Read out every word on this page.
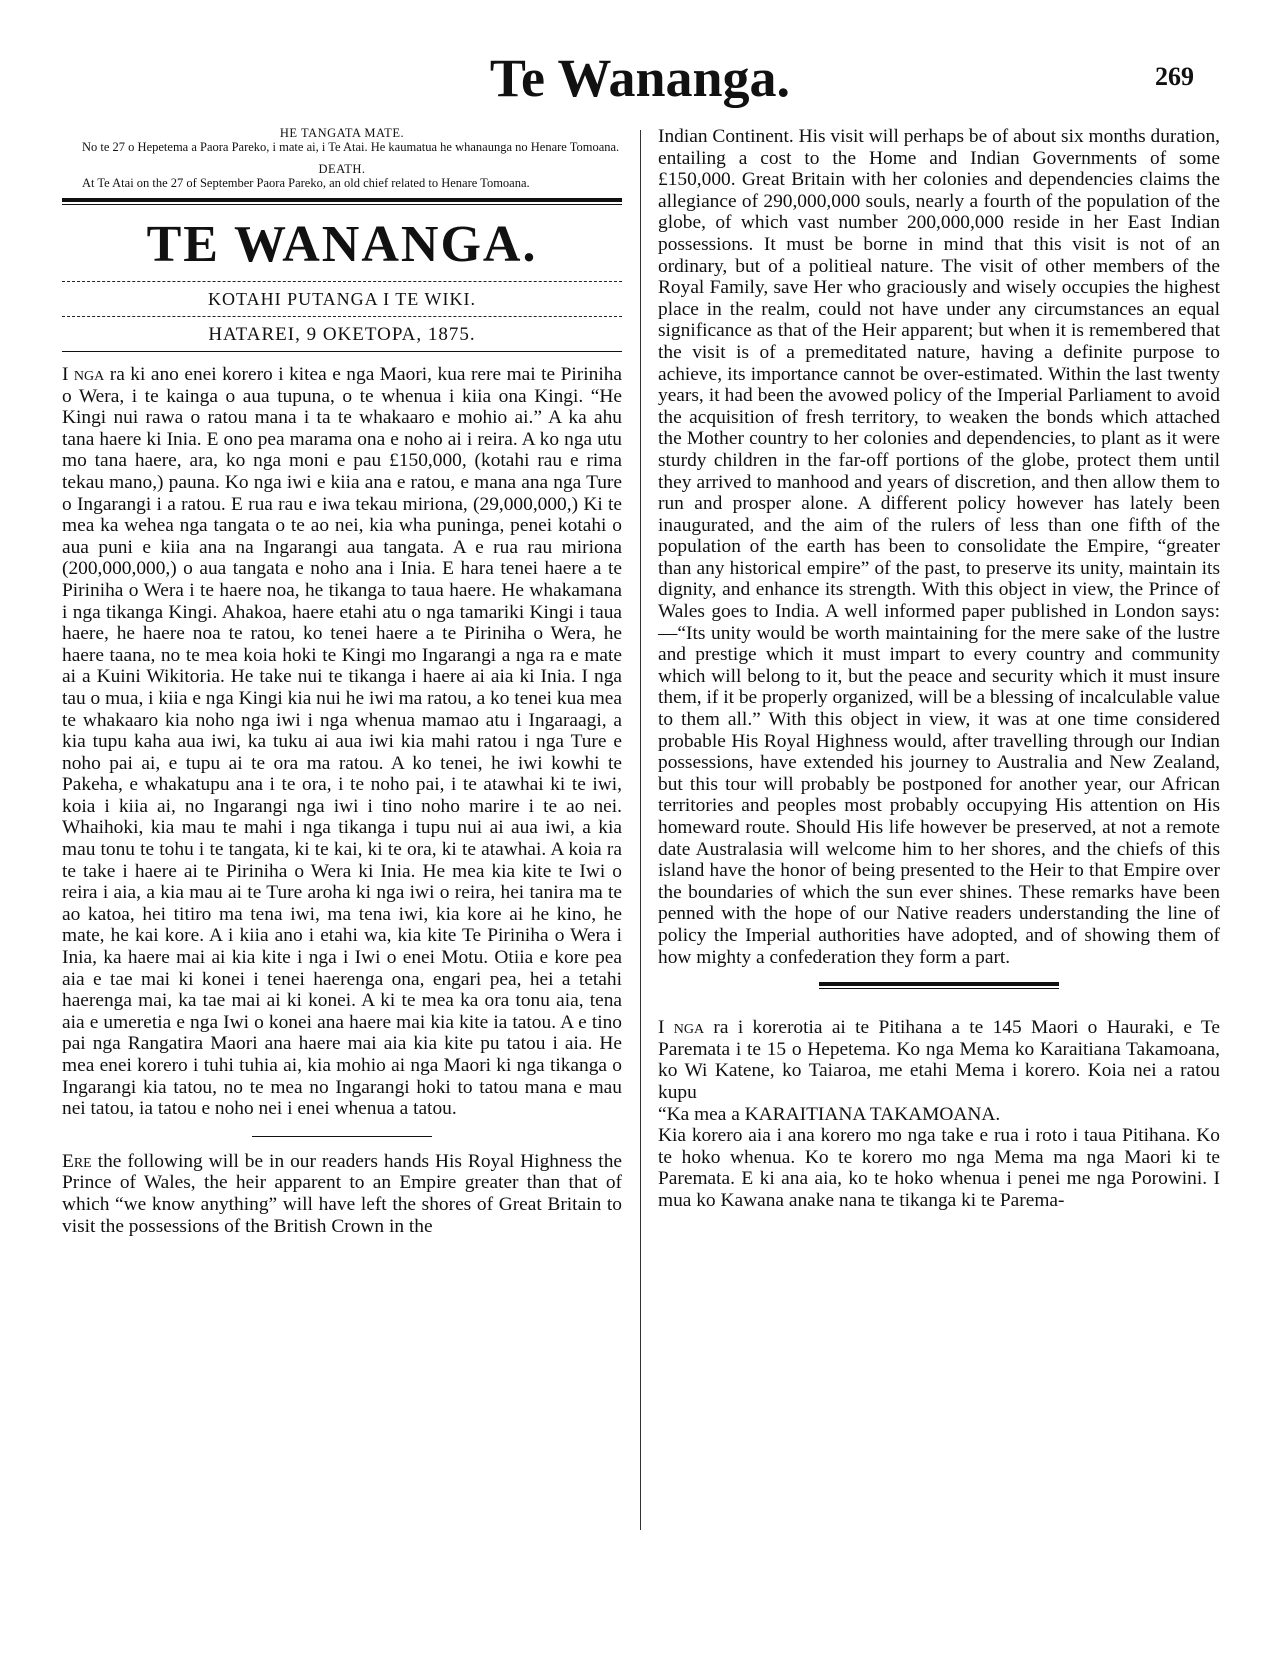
Te Wananga.	269

HE TANGATA MATE.

No te 27 o Hepetema a Paora Pareko, i mate ai, i Te Atai. He kaumatua he whanaunga no Henare Tomoana.

DEATH.

At Te Atai on the 27 of September Paora Pareko, an old chief related to Henare Tomoana.

TE WANANGA.
KOTAHI PUTANGA I TE WIKI.
HATAREI, 9 OKETOPA, 1875.

I nga ra ki ano enei korero i kitea e nga Maori, kua rere mai te Piriniha o Wera, i te kainga o aua tupuna, o te whenua i kiia ona Kingi. “He Kingi nui rawa o ratou mana i ta te whakaaro e mohio ai.” A ka ahu tana haere ki Inia. E ono pea marama ona e noho ai i reira. A ko nga utu mo tana haere, ara, ko nga moni e pau £150,000, (kotahi rau e rima tekau mano,) pauna. Ko nga iwi e kiia ana e ratou, e mana ana nga Ture o Ingarangi i a ratou. E rua rau e iwa tekau miriona, (29,000,000,) Ki te mea ka wehea nga tangata o te ao nei, kia wha puninga, penei kotahi o aua puni e kiia ana na Ingarangi aua tangata. A e rua rau miriona (200,000,000,) o aua tangata e noho ana i Inia. E hara tenei haere a te Piriniha o Wera i te haere noa, he tikanga to taua haere. He whakamana i nga tikanga Kingi. Ahakoa, haere etahi atu o nga tamariki Kingi i taua haere, he haere noa te ratou, ko tenei haere a te Piriniha o Wera, he haere taana, no te mea koia hoki te Kingi mo Ingarangi a nga ra e mate ai a Kuini Wikitoria. He take nui te tikanga i haere ai aia ki Inia. I nga tau o mua, i kiia e nga Kingi kia nui he iwi ma ratou, a ko tenei kua mea te whakaaro kia noho nga iwi i nga whenua mamao atu i Ingaraagi, a kia tupu kaha aua iwi, ka tuku ai aua iwi kia mahi ratou i nga Ture e noho pai ai, e tupu ai te ora ma ratou. A ko tenei, he iwi kowhi te Pakeha, e whakatupu ana i te ora, i te noho pai, i te atawhai ki te iwi, koia i kiia ai, no Ingarangi nga iwi i tino noho marire i te ao nei. Whaihoki, kia mau te mahi i nga tikanga i tupu nui ai aua iwi, a kia mau tonu te tohu i te tangata, ki te kai, ki te ora, ki te atawhai. A koia ra te take i haere ai te Piriniha o Wera ki Inia. He mea kia kite te Iwi o reira i aia, a kia mau ai te Ture aroha ki nga iwi o reira, hei tanira ma te ao katoa, hei titiro ma tena iwi, ma tena iwi, kia kore ai he kino, he mate, he kai kore. A i kiia ano i etahi wa, kia kite Te Piriniha o Wera i Inia, ka haere mai ai kia kite i nga i Iwi o enei Motu. Otiia e kore pea aia e tae mai ki konei i tenei haerenga ona, engari pea, hei a tetahi haerenga mai, ka tae mai ai ki konei. A ki te mea ka ora tonu aia, tena aia e umeretia e nga Iwi o konei ana haere mai kia kite ia tatou. A e tino pai nga Rangatira Maori ana haere mai aia kia kite pu tatou i aia. He mea enei korero i tuhi tuhia ai, kia mohio ai nga Maori ki nga tikanga o Ingarangi kia tatou, no te mea no Ingarangi hoki to tatou mana e mau nei tatou, ia tatou e noho nei i enei whenua a tatou.

Ere the following will be in our readers hands His Royal Highness the Prince of Wales, the heir apparent to an Empire greater than that of which “we know anything” will have left the shores of Great Britain to visit the possessions of the British Crown in the

Indian Continent. His visit will perhaps be of about six months duration, entailing a cost to the Home and Indian Governments of some £150,000. Great Britain with her colonies and dependencies claims the allegiance of 290,000,000 souls, nearly a fourth of the population of the globe, of which vast number 200,000,000 reside in her East Indian possessions. It must be borne in mind that this visit is not of an ordinary, but of a politieal nature. The visit of other members of the Royal Family, save Her who graciously and wisely occupies the highest place in the realm, could not have under any circumstances an equal significance as that of the Heir apparent; but when it is remembered that the visit is of a premeditated nature, having a definite purpose to achieve, its importance cannot be over-estimated. Within the last twenty years, it had been the avowed policy of the Imperial Parliament to avoid the acquisition of fresh territory, to weaken the bonds which attached the Mother country to her colonies and dependencies, to plant as it were sturdy children in the far-off portions of the globe, protect them until they arrived to manhood and years of discretion, and then allow them to run and prosper alone. A different policy however has lately been inaugurated, and the aim of the rulers of less than one fifth of the population of the earth has been to consolidate the Empire, “greater than any historical empire” of the past, to preserve its unity, maintain its dignity, and enhance its strength. With this object in view, the Prince of Wales goes to India. A well informed paper published in London says:—“Its unity would be worth maintaining for the mere sake of the lustre and prestige which it must impart to every country and community which will belong to it, but the peace and security which it must insure them, if it be properly organized, will be a blessing of incalculable value to them all.” With this object in view, it was at one time considered probable His Royal Highness would, after travelling through our Indian possessions, have extended his journey to Australia and New Zealand, but this tour will probably be postponed for another year, our African territories and peoples most probably occupying His attention on His homeward route. Should His life however be preserved, at not a remote date Australasia will welcome him to her shores, and the chiefs of this island have the honor of being presented to the Heir to that Empire over the boundaries of which the sun ever shines. These remarks have been penned with the hope of our Native readers understanding the line of policy the Imperial authorities have adopted, and of showing them of how mighty a confederation they form a part.

I nga ra i korerotia ai te Pitihana a te 145 Maori o Hauraki, e Te Paremata i te 15 o Hepetema. Ko nga Mema ko Karaitiana Takamoana, ko Wi Katene, ko Taiaroa, me etahi Mema i korero. Koia nei a ratou kupu

“Ka mea a KARAITIANA TAKAMOANA.

Kia korero aia i ana korero mo nga take e rua i roto i taua Pitihana. Ko te hoko whenua. Ko te korero mo nga Mema ma nga Maori ki te Paremata. E ki ana aia, ko te hoko whenua i penei me nga Porowini. I mua ko Kawana anake nana te tikanga ki te Parema-
